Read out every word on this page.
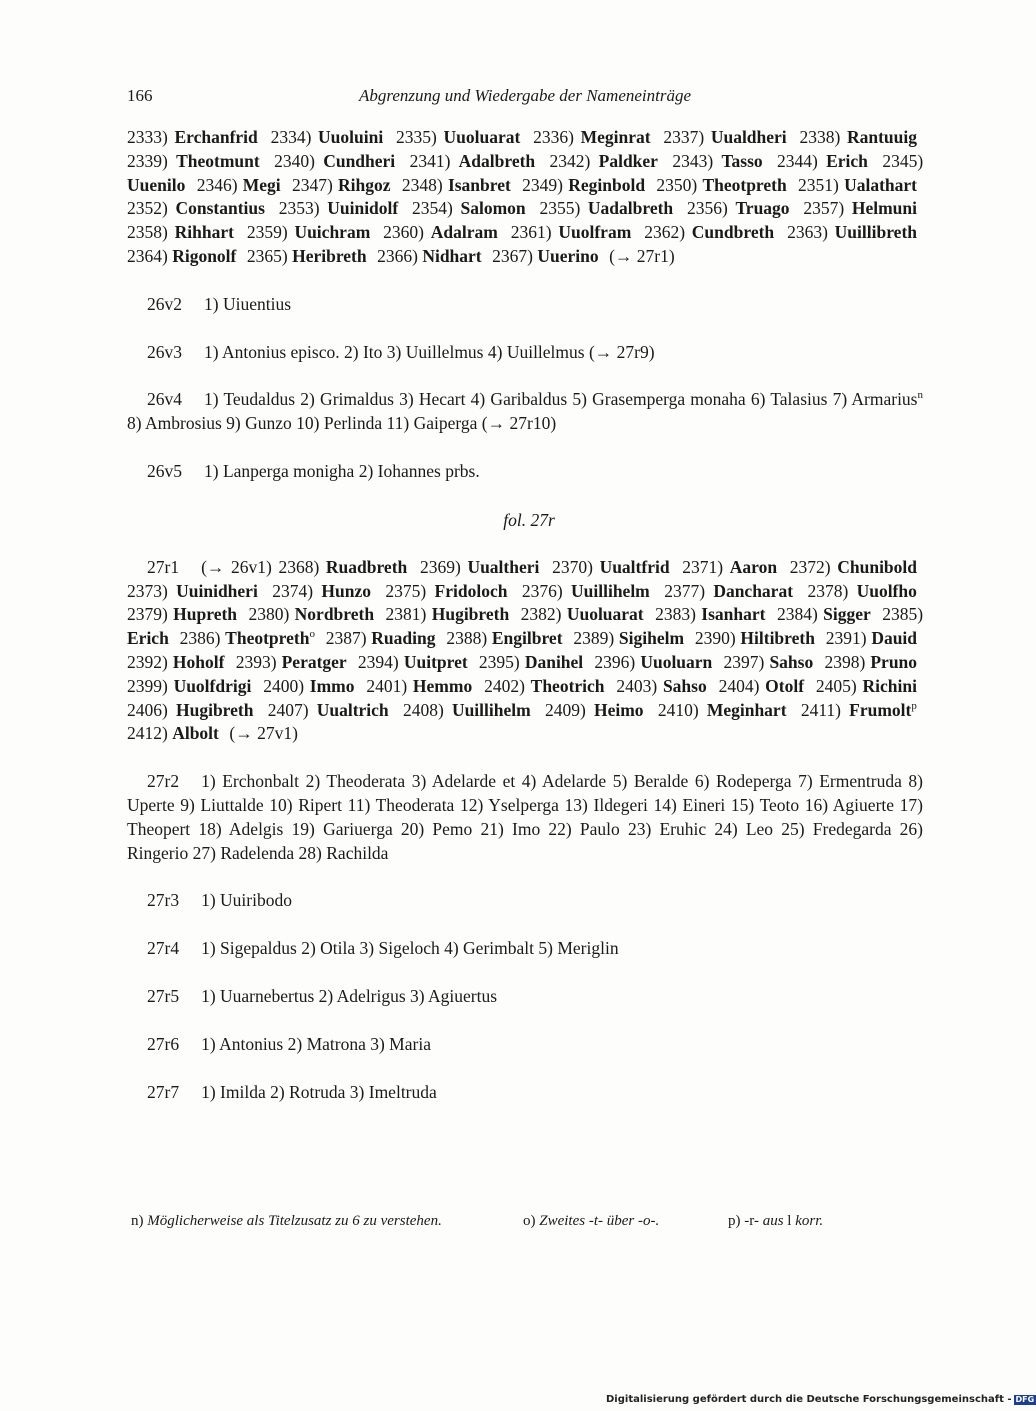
166	Abgrenzung und Wiedergabe der Nameneinträge
2333) Erchanfrid 2334) Uuoluini 2335) Uuoluarat 2336) Meginrat 2337) Uualdheri 2338) Rantuuig 2339) Theotmunt 2340) Cundheri 2341) Adalbreth 2342) Paldker 2343) Tasso 2344) Erich 2345) Uuenilo 2346) Megi 2347) Rihgoz 2348) Isanbret 2349) Reginbold 2350) Theotpreth 2351) Ualathart 2352) Constantius 2353) Uuinidolf 2354) Salomon 2355) Uadalbreth 2356) Truago 2357) Helmuni 2358) Rihhart 2359) Uuichram 2360) Adalram 2361) Uuolfram 2362) Cundbreth 2363) Uuillibreth 2364) Rigonolf 2365) Heribreth 2366) Nidhart 2367) Uuerino (→ 27r1)
26v2 1) Uiuentius
26v3 1) Antonius episco. 2) Ito 3) Uuillelmus 4) Uuillelmus (→ 27r9)
26v4 1) Teudaldus 2) Grimaldus 3) Hecart 4) Garibaldus 5) Grasemperga monaha 6) Talasius 7) Armarius$^n$ 8) Ambrosius 9) Gunzo 10) Perlinda 11) Gaiperga (→ 27r10)
26v5 1) Lanperga monigha 2) Iohannes prbs.
fol. 27r
27r1 (→ 26v1) 2368) Ruadbreth 2369) Uualtheri 2370) Uualtfrid 2371) Aaron 2372) Chunibold 2373) Uuinidheri 2374) Hunzo 2375) Fridoloch 2376) Uuillihelm 2377) Dancharat 2378) Uuolfho 2379) Hupreth 2380) Nordbreth 2381) Hugibreth 2382) Uuoluarat 2383) Isanhart 2384) Sigger 2385) Erich 2386) Theotpreth$^o$ 2387) Ruading 2388) Engilbret 2389) Sigihelm 2390) Hiltibreth 2391) Dauid 2392) Hoholf 2393) Peratger 2394) Uuitpret 2395) Danihel 2396) Uuoluarn 2397) Sahso 2398) Pruno 2399) Uuolfdrigi 2400) Immo 2401) Hemmo 2402) Theotrich 2403) Sahso 2404) Otolf 2405) Richini 2406) Hugibreth 2407) Uualtrich 2408) Uuillihelm 2409) Heimo 2410) Meginhart 2411) Frumolt$^p$ 2412) Albolt (→ 27v1)
27r2 1) Erchonbalt 2) Theoderata 3) Adelarde et 4) Adelarde 5) Beralde 6) Rodeperga 7) Ermentruda 8) Uperte 9) Liuttalde 10) Ripert 11) Theoderata 12) Yselperga 13) Ildegeri 14) Eineri 15) Teoto 16) Agiuerte 17) Theopert 18) Adelgis 19) Gariuerga 20) Pemo 21) Imo 22) Paulo 23) Eruhic 24) Leo 25) Fredegarda 26) Ringerio 27) Radelenda 28) Rachilda
27r3 1) Uuiribodo
27r4 1) Sigepaldus 2) Otila 3) Sigeloch 4) Gerimbalt 5) Meriglin
27r5 1) Uuarnebertus 2) Adelrigus 3) Agiuertus
27r6 1) Antonius 2) Matrona 3) Maria
27r7 1) Imilda 2) Rotruda 3) Imeltruda
n) Möglicherweise als Titelzusatz zu 6 zu verstehen.	o) Zweites -t- über -o-.	p) -r- aus l korr.
Digitalisierung gefördert durch die Deutsche Forschungsgemeinschaft - DFG
